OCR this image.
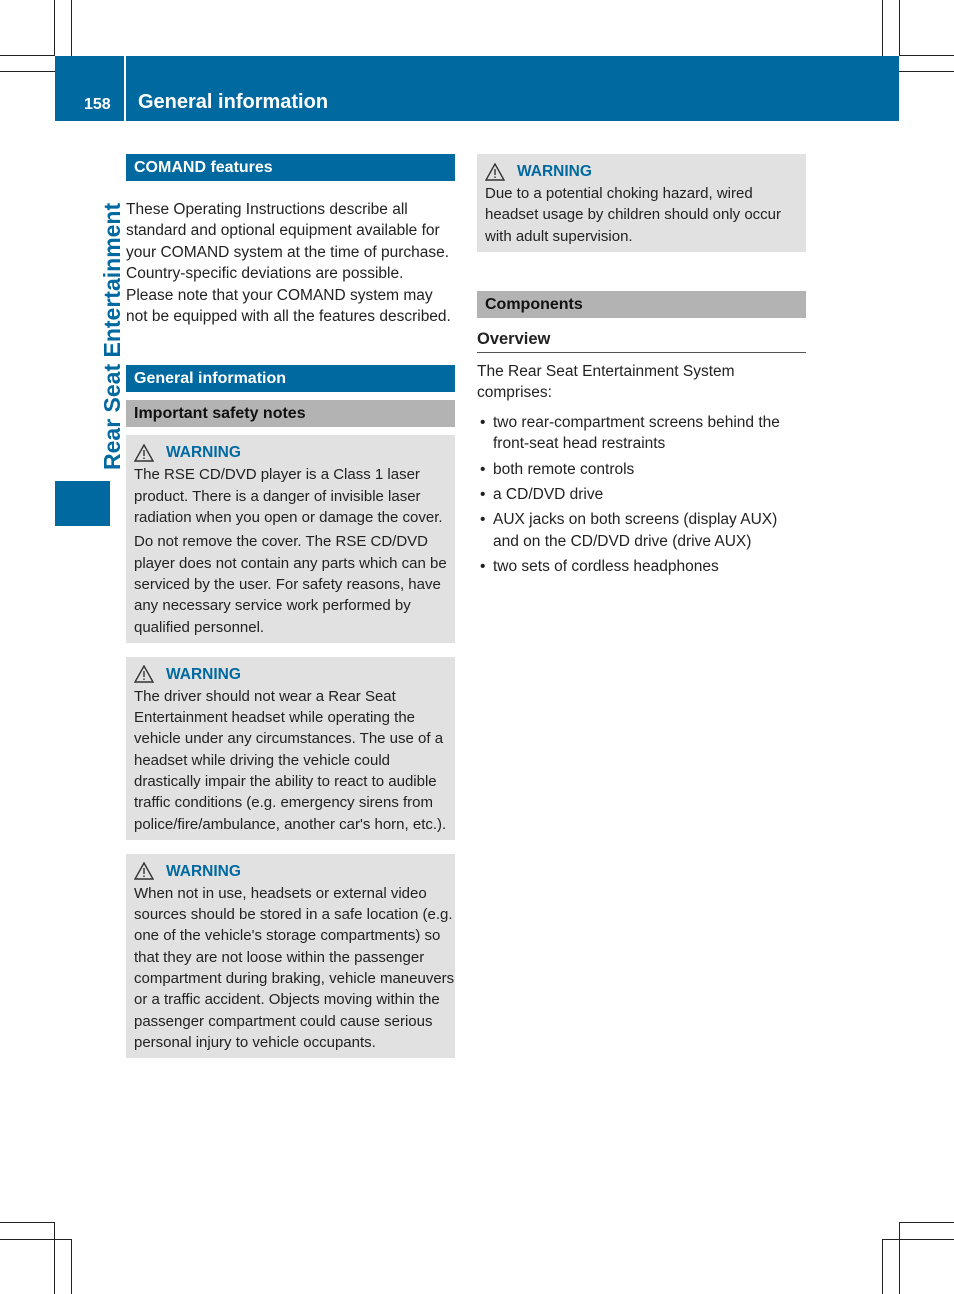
158 General information
Rear Seat Entertainment
COMAND features
These Operating Instructions describe all standard and optional equipment available for your COMAND system at the time of purchase. Country-specific deviations are possible. Please note that your COMAND system may not be equipped with all the features described.
General information
Important safety notes
WARNING

The RSE CD/DVD player is a Class 1 laser product. There is a danger of invisible laser radiation when you open or damage the cover.

Do not remove the cover. The RSE CD/DVD player does not contain any parts which can be serviced by the user. For safety reasons, have any necessary service work performed by qualified personnel.

WARNING

The driver should not wear a Rear Seat Entertainment headset while operating the vehicle under any circumstances. The use of a headset while driving the vehicle could drastically impair the ability to react to audible traffic conditions (e.g. emergency sirens from police/fire/ambulance, another car's horn, etc.).

WARNING

When not in use, headsets or external video sources should be stored in a safe location (e.g. one of the vehicle's storage compartments) so that they are not loose within the passenger compartment during braking, vehicle maneuvers or a traffic accident. Objects moving within the passenger compartment could cause serious personal injury to vehicle occupants.

WARNING

Due to a potential choking hazard, wired headset usage by children should only occur with adult supervision.

Components
Overview
The Rear Seat Entertainment System comprises:
• two rear-compartment screens behind the front-seat head restraints
• both remote controls
• a CD/DVD drive
• AUX jacks on both screens (display AUX) and on the CD/DVD drive (drive AUX)
• two sets of cordless headphones
